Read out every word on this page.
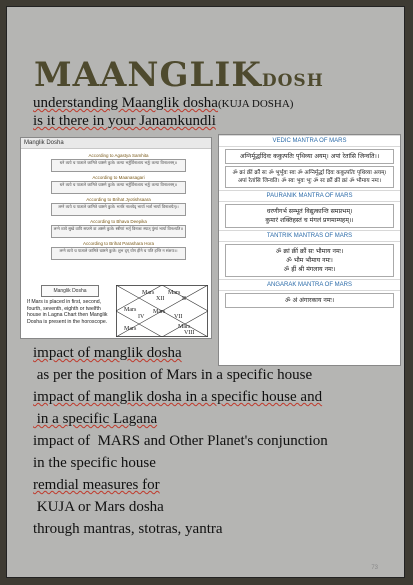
MAANGLIKDOSH
understanding Maanglik dosha(KUJA DOSHA)
is it there in your Janamkundli
Manglik Dosha
According to Agastya Samhita
धने व्यये च पाताले जामित्रे चाष्टमे कुजे। कन्या भर्तुर्विनाशाय भर्तुः कन्या विनाशनम्।।
According to Maanasagari
धने व्यये च पाताले जामित्रे चाष्टमे कुजे। कन्या भर्तुर्विनाशाय भर्तुः कन्या विनाशनम्।।
According to Brihat Jyotishsaara
लग्ने व्यये च पाताले जामित्रे चाष्टमे कुजे। भर्तारं नाशयेद् भार्या भर्ता भार्या विनाशयेत्।।
According to Bhava Deepika
लग्ने व्यये सुखे वापि सप्तमे वा अष्टमे कुजे। स्त्रीणां भर्तृ विनाशः स्यात् पुंसां भार्या विनश्यति।।
According to Brihat Parashara Hora
लग्ने व्यये च पाताले जामित्रे चाष्टमे कुजे। शुभ दृग् योग हीने च पति हन्ति न संशयः।।
Manglik Dosha
If Mars is placed in first, second, fourth, seventh, eighth or twelfth house in Lagna Chart then Manglik Dosha is present in the horoscope.
Mars Mars
Mars	Mars
Mars	Mars
XII	II
IV	VII
VIII
VEDIC MANTRA OF MARS
अग्निर्मूर्द्धादिवः ककुत्पतिः पृथिव्या अयम्। अपां रेतांसि जिन्वति।।
ॐ क्रां क्रीं क्रौं सः ॐ भूर्भुवः स्वः ॐ अग्निर्मूर्द्धा दिवः ककुत्पतिः पृथिव्या अयम्। अपां रेतांसि जिन्वति। ॐ स्वः भुवः भूः ॐ सः क्रौं क्रीं क्रां ॐ भौमाय नमः।
PAURANIK MANTRA OF MARS
धरणीगर्भ सम्भूतं विद्युत्कान्ति समप्रभम्।
कुमारं शक्तिहस्तं च मंगलं प्रणमाम्यहम्।।
TANTRIK MANTRAS OF MARS
ॐ क्रां क्रीं क्रौं सः भौमाय नमः।
ॐ भौम भौमाय नमः।
ॐ ह्रीं श्री मंगलाय नमः।
ANGARAK MANTRA OF MARS
ॐ अं अंगारकाय नमः।
impact of manglik dosha
as per the position of Mars in a specific house
impact of manglik dosha in a specific house and
in a specific Lagana
impact of  MARS and Other Planet's conjunction
in the specific house
remdial measures for
KUJA or Mars dosha
through mantras, stotras, yantra
73
